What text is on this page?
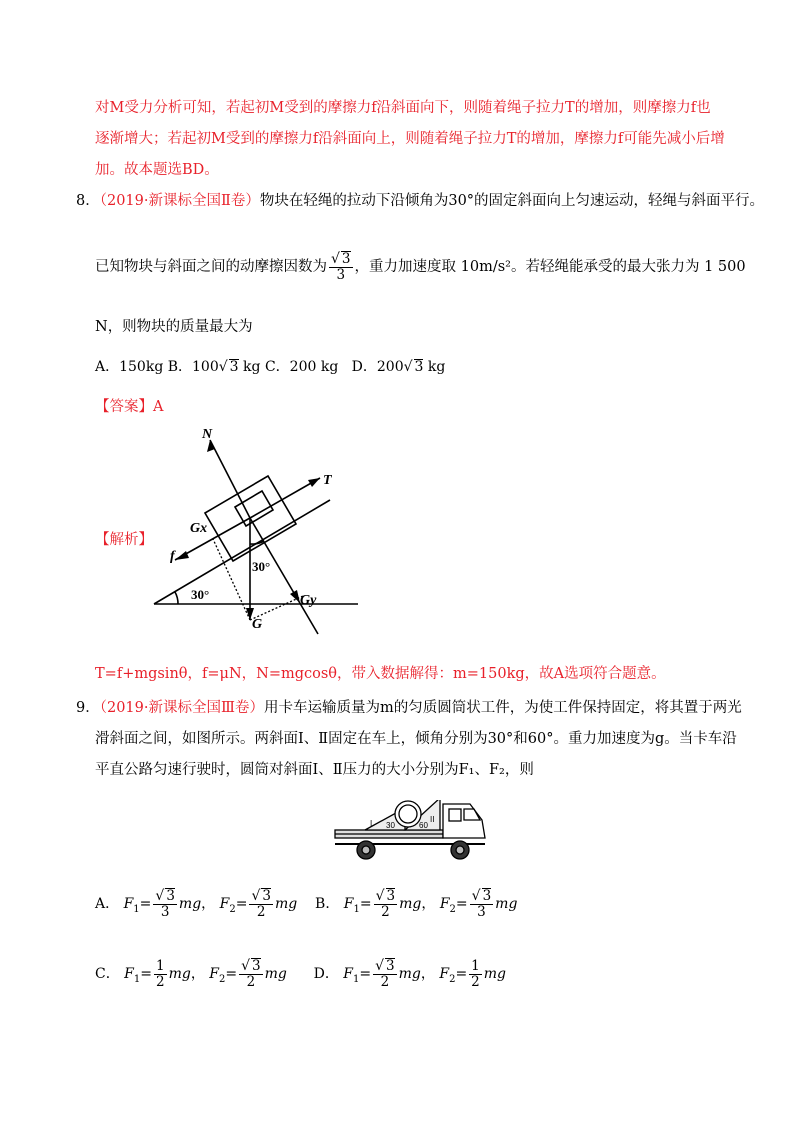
对M受力分析可知，若起初M受到的摩擦力f沿斜面向下，则随着绳子拉力T的增加，则摩擦力f也
逐渐增大；若起初M受到的摩擦力f沿斜面向上，则随着绳子拉力T的增加，摩擦力f可能先减小后增
加。故本题选BD。
8．（2019·新课标全国Ⅱ卷）物块在轻绳的拉动下沿倾角为30°的固定斜面向上匀速运动，轻绳与斜面平行。
已知物块与斜面之间的动摩擦因数为 $\frac{√ 3}{3}$ ，重力加速度取 10m/s²。若轻绳能承受的最大张力为 1 500
N，则物块的质量最大为
A．150kg B．100√ 3 kg C．200 kg D．200√ 3 kg
【答案】A
【解析】
N
T
Gx
f
G
Gy
30°
30°
T=f+mgsinθ，f=μN，N=mgcosθ，带入数据解得：m=150kg，故A选项符合题意。
9．（2019·新课标全国Ⅲ卷）用卡车运输质量为m的匀质圆筒状工件，为使工件保持固定，将其置于两光
滑斜面之间，如图所示。两斜面Ⅰ、Ⅱ固定在车上，倾角分别为30°和60°。重力加速度为g。当卡车沿
平直公路匀速行驶时，圆筒对斜面Ⅰ、Ⅱ压力的大小分别为F₁、F₂，则
I	II
30	60
A． $F_1= \frac{√ 3}{3}$ mg， $F_2= \frac{√ 3}{2}$ mg B． $F_1= \frac{√ 3}{2}$ mg， $F_2= \frac{√ 3}{3}$ mg
C． $F_1= \frac{1}{2}$ mg， $F_2= \frac{√ 3}{2}$ mg D． $F_1= \frac{√ 3}{2}$ mg， $F_2= \frac{1}{2}$ mg
